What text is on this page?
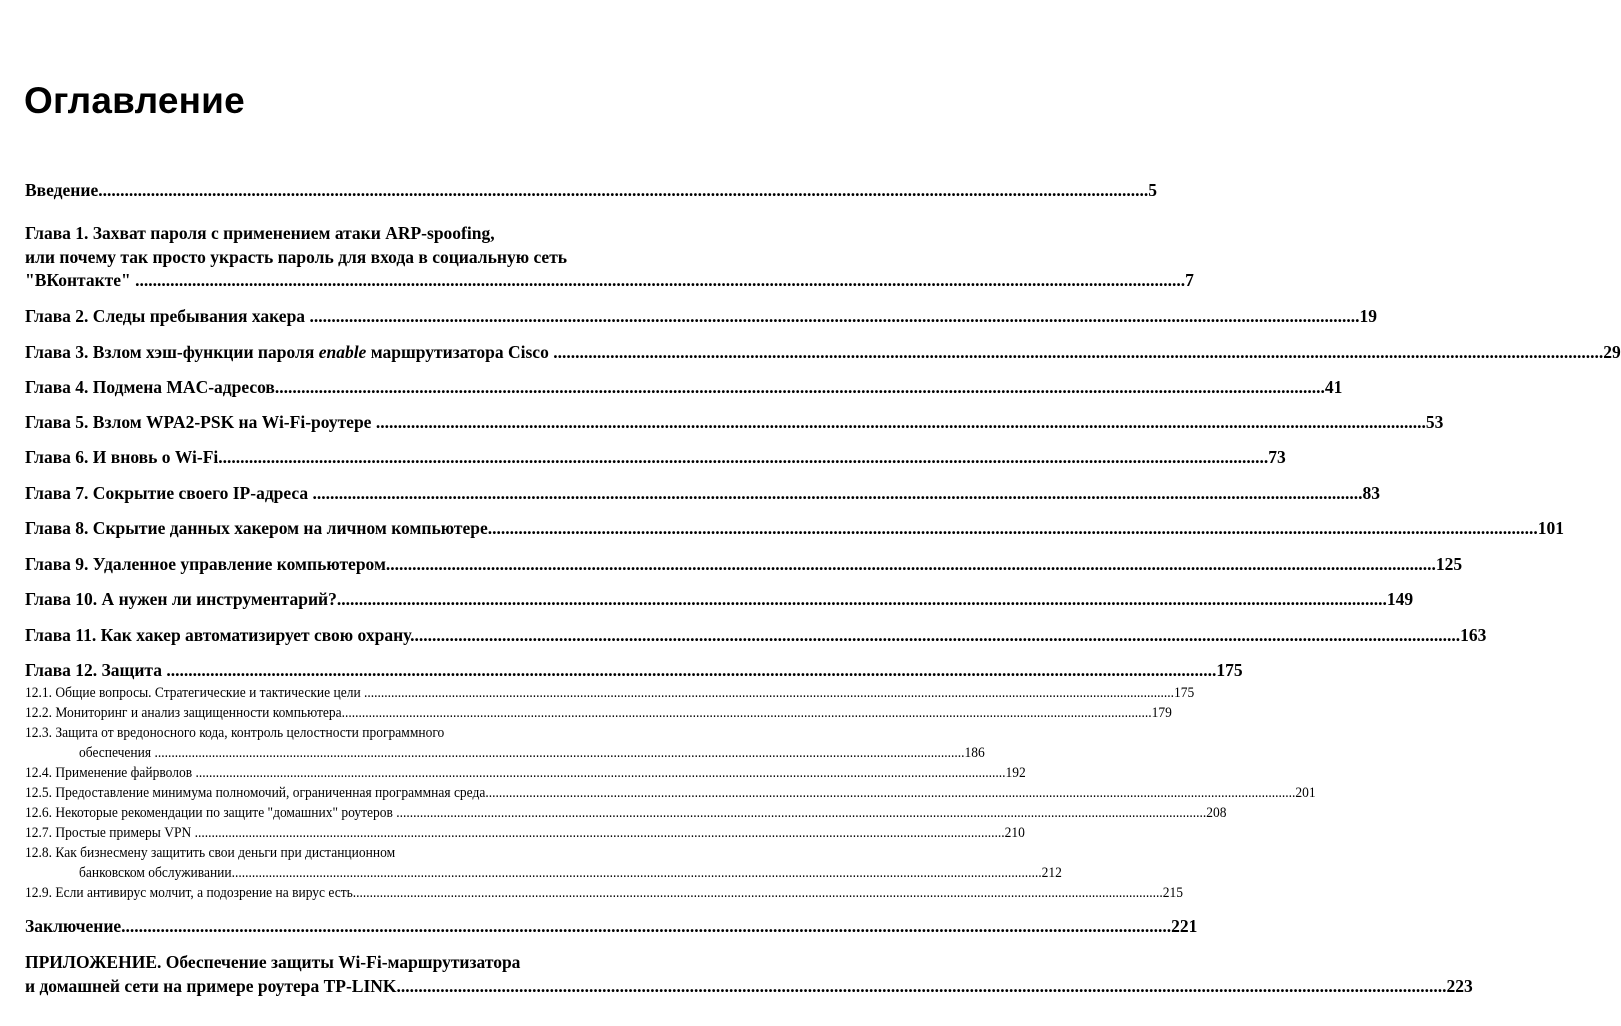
Оглавление
Введение.....	5
Глава 1. Захват пароля с применением атаки ARP-spoofing,
или почему так просто украсть пароль для входа в социальную сеть
"ВКонтакте" .....	7
Глава 2. Следы пребывания хакера .....	19
Глава 3. Взлом хэш-функции пароля enable маршрутизатора Cisco .....	29
Глава 4. Подмена MAC-адресов.....	41
Глава 5. Взлом WPA2-PSK на Wi-Fi-роутере .....	53
Глава 6. И вновь о Wi-Fi.....	73
Глава 7. Сокрытие своего IP-адреса .....	83
Глава 8. Скрытие данных хакером на личном компьютере.....	101
Глава 9. Удаленное управление компьютером.....	125
Глава 10. А нужен ли инструментарий?.....	149
Глава 11. Как хакер автоматизирует свою охрану.....	163
Глава 12. Защита .....	175
12.1. Общие вопросы. Стратегические и тактические цели .....	175
12.2. Мониторинг и анализ защищенности компьютера.....	179
12.3. Защита от вредоносного кода, контроль целостности программного
обеспечения .....	186
12.4. Применение файрволов .....	192
12.5. Предоставление минимума полномочий, ограниченная программная среда.....	201
12.6. Некоторые рекомендации по защите "домашних" роутеров .....	208
12.7. Простые примеры VPN .....	210
12.8. Как бизнесмену защитить свои деньги при дистанционном
банковском обслуживании.....	212
12.9. Если антивирус молчит, а подозрение на вирус есть.....	215
Заключение.....	221
ПРИЛОЖЕНИЕ. Обеспечение защиты Wi-Fi-маршрутизатора
и домашней сети на примере роутера TP-LINK.....	223
